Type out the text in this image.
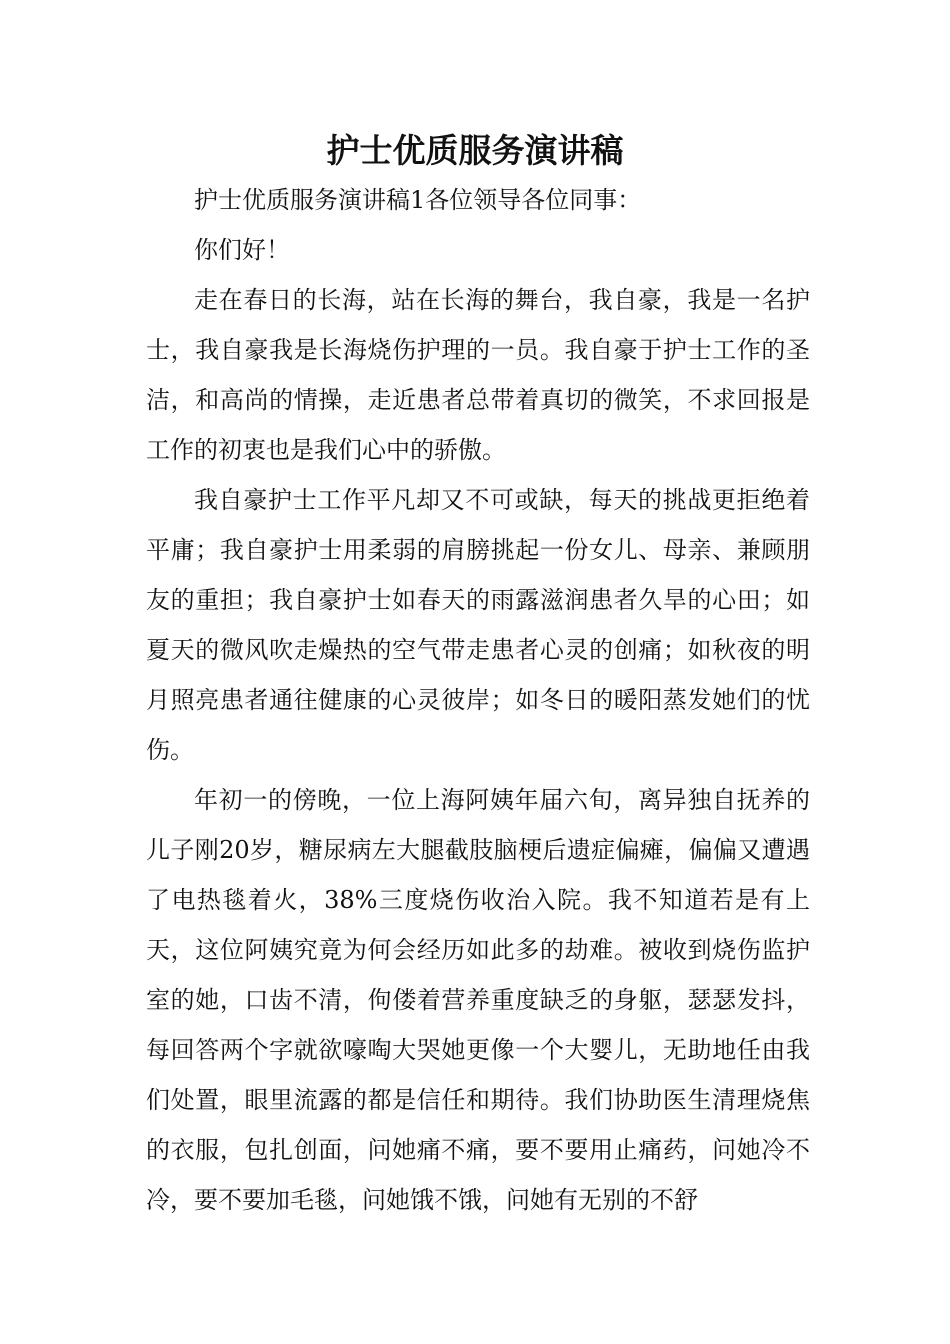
护士优质服务演讲稿

护士优质服务演讲稿1各位领导各位同事：

你们好！

走在春日的长海，站在长海的舞台，我自豪，我是一名护士，我自豪我是长海烧伤护理的一员。我自豪于护士工作的圣洁，和高尚的情操，走近患者总带着真切的微笑，不求回报是工作的初衷也是我们心中的骄傲。

我自豪护士工作平凡却又不可或缺，每天的挑战更拒绝着平庸；我自豪护士用柔弱的肩膀挑起一份女儿、母亲、兼顾朋友的重担；我自豪护士如春天的雨露滋润患者久旱的心田；如夏天的微风吹走燥热的空气带走患者心灵的创痛；如秋夜的明月照亮患者通往健康的心灵彼岸；如冬日的暖阳蒸发她们的忧伤。

年初一的傍晚，一位上海阿姨年届六旬，离异独自抚养的儿子刚20岁，糖尿病左大腿截肢脑梗后遗症偏瘫，偏偏又遭遇了电热毯着火，38%三度烧伤收治入院。我不知道若是有上天，这位阿姨究竟为何会经历如此多的劫难。被收到烧伤监护室的她，口齿不清，佝偻着营养重度缺乏的身躯，瑟瑟发抖，每回答两个字就欲嚎啕大哭她更像一个大婴儿，无助地任由我们处置，眼里流露的都是信任和期待。我们协助医生清理烧焦的衣服，包扎创面，问她痛不痛，要不要用止痛药，问她冷不冷，要不要加毛毯，问她饿不饿，问她有无别的不舒
